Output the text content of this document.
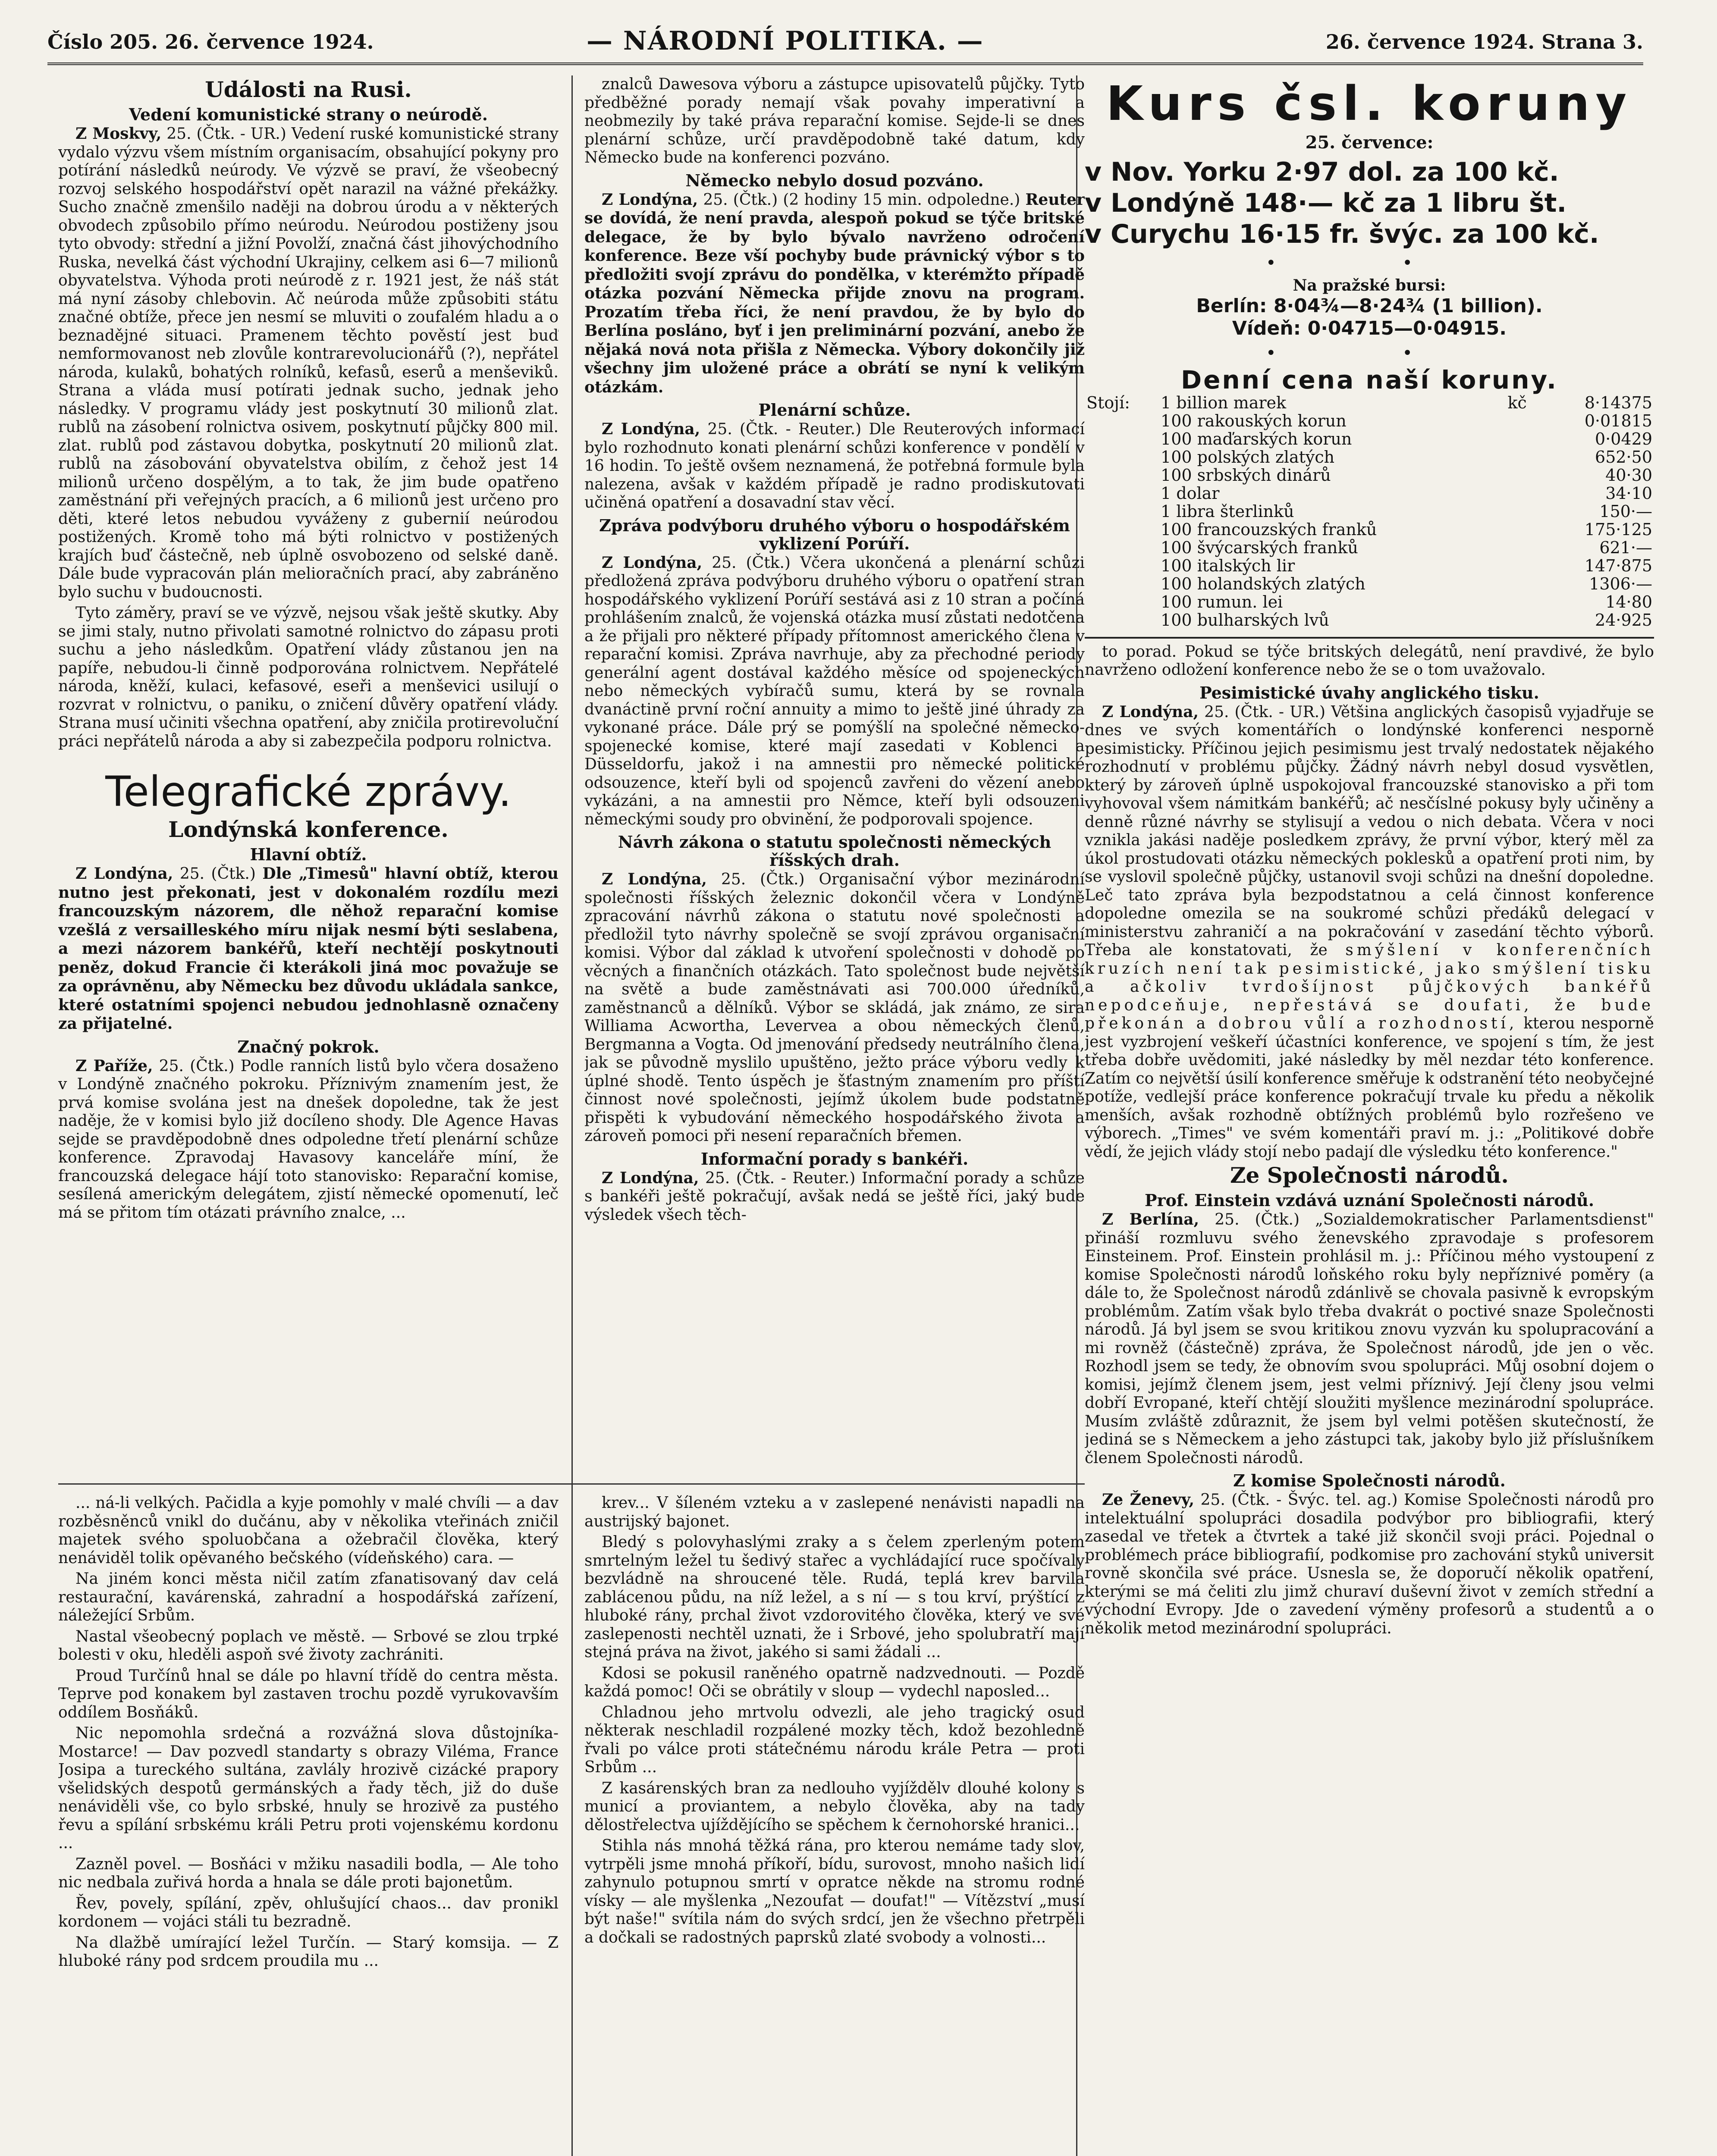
Číslo 205. 26. července 1924.	— NÁRODNÍ POLITIKA. —	26. července 1924. Strana 3.
Události na Rusi.
Vedení komunistické strany o neúrodě.

Z Moskvy, 25. (Čtk. - UR.) Vedení ruské komunistické strany vydalo výzvu všem místním organisacím, obsahující pokyny pro potírání následků neúrody. Ve výzvě se praví, že všeobecný rozvoj selského hospodářství opět narazil na vážné překážky. Sucho značně zmenšilo naději na dobrou úrodu a v některých obvodech způsobilo přímo neúrodu. Neúrodou postiženy jsou tyto obvody: střední a jižní Povolží, značná část jihovýchodního Ruska, nevelká část východní Ukrajiny, celkem asi 6—7 milionů obyvatelstva. Výhoda proti neúrodě z r. 1921 jest, že náš stát má nyní zásoby chlebovin. Ač neúroda může způsobiti státu značné obtíže, přece jen nesmí se mluviti o zoufalém hladu a o beznadějné situaci. Pramenem těchto pověstí jest buď nemformovanost neb zlovůle kontrarevolucionářů (?), nepřátel národa, kulaků, bohatých rolníků, kefasů, eserů a menševiků. Strana a vláda musí potírati jednak sucho, jednak jeho následky. V programu vlády jest poskytnutí 30 milionů zlat. rublů na zásobení rolnictva osivem, poskytnutí půjčky 800 mil. zlat. rublů pod zástavou dobytka, poskytnutí 20 milionů zlat. rublů na zásobování obyvatelstva obilím, z čehož jest 14 milionů určeno dospělým, a to tak, že jim bude opatřeno zaměstnání při veřejných pracích, a 6 milionů jest určeno pro děti, které letos nebudou vyváženy z gubernií neúrodou postižených. Kromě toho má býti rolnictvo v postižených krajích buď částečně, neb úplně osvobozeno od selské daně. Dále bude vypracován plán melioračních prací, aby zabráněno bylo suchu v budoucnosti.

Tyto záměry, praví se ve výzvě, nejsou však ještě skutky. Aby se jimi staly, nutno přivolati samotné rolnictvo do zápasu proti suchu a jeho následkům. Opatření vlády zůstanou jen na papíře, nebudou-li činně podporována rolnictvem. Nepřátelé národa, kněží, kulaci, kefasové, eseři a menševici usilují o rozvrat v rolnictvu, o paniku, o zničení důvěry opatření vlády. Strana musí učiniti všechna opatření, aby zničila protirevoluční práci nepřátelů národa a aby si zabezpečila podporu rolnictva.

Telegrafické zprávy.
Londýnská konference.
Hlavní obtíž.

Z Londýna, 25. (Čtk.) Dle „Timesů" hlavní obtíž, kterou nutno jest překonati, jest v dokonalém rozdílu mezi francouzským názorem, dle něhož reparační komise vzešlá z versailleského míru nijak nesmí býti seslabena, a mezi názorem bankéřů, kteří nechtějí poskytnouti peněz, dokud Francie či kterákoli jiná moc považuje se za oprávněnu, aby Německu bez důvodu ukládala sankce, které ostatními spojenci nebudou jednohlasně označeny za přijatelné.

Značný pokrok.

Z Paříže, 25. (Čtk.) Podle ranních listů bylo včera dosaženo v Londýně značného pokroku. Příznivým znamením jest, že prvá komise svolána jest na dnešek dopoledne, tak že jest naděje, že v komisi bylo již docíleno shody. Dle Agence Havas sejde se pravděpodobně dnes odpoledne třetí plenární schůze konference. Zpravodaj Havasovy kanceláře míní, že francouzská delegace hájí toto stanovisko: Reparační komise, sesílená americkým delegátem, zjistí německé opomenutí, leč má se přitom tím otázati právního znalce, ...

... ná-li velkých. Pačidla a kyje pomohly v malé chvíli — a dav rozběsněnců vnikl do dučánu, aby v několika vteřinách zničil majetek svého spoluobčana a ožebračil člověka, který nenáviděl tolik opěvaného bečského (vídeňského) cara. —

Na jiném konci města ničil zatím zfanatisovaný dav celá restaurační, kavárenská, zahradní a hospodářská zařízení, náležející Srbům.

Nastal všeobecný poplach ve městě. — Srbové se zlou trpké bolesti v oku, hleděli aspoň své životy zachrániti.

Proud Turčínů hnal se dále po hlavní třídě do centra města. Teprve pod konakem byl zastaven trochu pozdě vyrukovavším oddílem Bosňáků.

Nic nepomohla srdečná a rozvážná slova důstojníka-Mostarce! — Dav pozvedl standarty s obrazy Viléma, France Josipa a tureckého sultána, zavlály hrozivě cizácké prapory všelidských despotů germánských a řady těch, již do duše nenáviděli vše, co bylo srbské, hnuly se hrozivě za pustého řevu a spílání srbskému králi Petru proti vojenskému kordonu ...

Zazněl povel. — Bosňáci v mžiku nasadili bodla, — Ale toho nic nedbala zuřivá horda a hnala se dále proti bajonetům.

Řev, povely, spílání, zpěv, ohlušující chaos... dav pronikl kordonem — vojáci stáli tu bezradně.

Na dlažbě umírající ležel Turčín. — Starý komsija. — Z hluboké rány pod srdcem proudila mu ...

znalců Dawesova výboru a zástupce upisovatelů půjčky. Tyto předběžné porady nemají však povahy imperativní a neobmezily by také práva reparační komise. Sejde-li se dnes plenární schůze, určí pravděpodobně také datum, kdy Německo bude na konferenci pozváno.

Německo nebylo dosud pozváno.

Z Londýna, 25. (Čtk.) (2 hodiny 15 min. odpoledne.) Reuter se dovídá, že není pravda, alespoň pokud se týče britské delegace, že by bylo bývalo navrženo odročení konference. Beze vší pochyby bude právnický výbor s to předložiti svojí zprávu do pondělka, v kterémžto případě otázka pozvání Německa přijde znovu na program. Prozatím třeba říci, že není pravdou, že by bylo do Berlína posláno, byť i jen preliminární pozvání, anebo že nějaká nová nota přišla z Německa. Výbory dokončily již všechny jim uložené práce a obrátí se nyní k velikým otázkám.

Plenární schůze.

Z Londýna, 25. (Čtk. - Reuter.) Dle Reuterových informací bylo rozhodnuto konati plenární schůzi konference v pondělí v 16 hodin. To ještě ovšem neznamená, že potřebná formule byla nalezena, avšak v každém případě je radno prodiskutovati učiněná opatření a dosavadní stav věcí.

Zpráva podvýboru druhého výboru o hospodářském vyklizení Porúří.

Z Londýna, 25. (Čtk.) Včera ukončená a plenární schůzi předložená zpráva podvýboru druhého výboru o opatření stran hospodářského vyklizení Porúří sestává asi z 10 stran a počíná prohlášením znalců, že vojenská otázka musí zůstati nedotčena a že přijali pro některé případy přítomnost amerického člena v reparační komisi. Zpráva navrhuje, aby za přechodné periody generální agent dostával každého měsíce od spojeneckých nebo německých vybíračů sumu, která by se rovnala dvanáctině první roční annuity a mimo to ještě jiné úhrady za vykonané práce. Dále prý se pomýšlí na společné německo-spojenecké komise, které mají zasedati v Koblenci a Düsseldorfu, jakož i na amnestii pro německé politické odsouzence, kteří byli od spojenců zavřeni do vězení anebo vykázáni, a na amnestii pro Němce, kteří byli odsouzeni německými soudy pro obvinění, že podporovali spojence.

Návrh zákona o statutu společnosti německých říšských drah.

Z Londýna, 25. (Čtk.) Organisační výbor mezinárodní společnosti říšských železnic dokončil včera v Londýně zpracování návrhů zákona o statutu nové společnosti a předložil tyto návrhy společně se svojí zprávou organisační komisi. Výbor dal základ k utvoření společnosti v dohodě po věcných a finančních otázkách. Tato společnost bude největší na světě a bude zaměstnávati asi 700.000 úředníků, zaměstnanců a dělníků. Výbor se skládá, jak známo, ze sira Williama Acwortha, Levervea a obou německých členů, Bergmanna a Vogta. Od jmenování předsedy neutrálního člena, jak se původně myslilo upuštěno, ježto práce výboru vedly k úplné shodě. Tento úspěch je šťastným znamením pro příští činnost nové společnosti, jejímž úkolem bude podstatně přispěti k vybudování německého hospodářského života a zároveň pomoci při nesení reparačních břemen.

Informační porady s bankéři.

Z Londýna, 25. (Čtk. - Reuter.) Informační porady a schůze s bankéři ještě pokračují, avšak nedá se ještě říci, jaký bude výsledek všech těch-

krev... V šíleném vzteku a v zaslepené nenávisti napadli na austrijský bajonet.

Bledý s polovyhaslými zraky a s čelem zperleným potem smrtelným ležel tu šedivý stařec a vychládající ruce spočívaly bezvládně na shroucené těle. Rudá, teplá krev barvila zablácenou půdu, na níž ležel, a s ní — s tou krví, prýštící z hluboké rány, prchal život vzdorovitého člověka, který ve své zaslepenosti nechtěl uznati, že i Srbové, jeho spolubratří mají stejná práva na život, jakého si sami žádali ...

Kdosi se pokusil raněného opatrně nadzvednouti. — Pozdě každá pomoc! Oči se obrátily v sloup — vydechl naposled...

Chladnou jeho mrtvolu odvezli, ale jeho tragický osud některak neschladil rozpálené mozky těch, kdož bezohledně řvali po válce proti státečnému národu krále Petra — proti Srbům ...

Z kasárenských bran za nedlouho vyjíždělv dlouhé kolony s municí a proviantem, a nebylo člověka, aby na tady dělostřelectva ujíždějícího se spěchem k černohorské hranici...

Stihla nás mnohá těžká rána, pro kterou nemáme tady slov, vytrpěli jsme mnohá příkoří, bídu, surovost, mnoho našich lidí zahynulo potupnou smrtí v opratce někde na stromu rodné vísky — ale myšlenka „Nezoufat — doufat!" — Vítězství „musí být naše!" svítila nám do svých srdcí, jen že všechno přetrpěli a dočkali se radostných paprsků zlaté svobody a volnosti...

Kurs čsl. koruny
25. července:
v Nov. Yorku 2·97 dol. za 100 kč.
v Londýně 148·— kč za 1 libru št.
v Curychu 16·15 fr. švýc. za 100 kč.
• •
Na pražské bursi:
Berlín: 8·04¾—8·24¾ (1 billion).
Vídeň: 0·04715—0·04915.
• •
Denní cena naší koruny.
Stojí:	1 billion marek	kč	8·14375
	100 rakouských korun		0·01815
	100 maďarských korun		0·0429
	100 polských zlatých		652·50
	100 srbských dinárů		40·30
	1 dolar		34·10
	1 libra šterlinků		150·—
	100 francouzských franků		175·125
	100 švýcarských franků		621·—
	100 italských lir		147·875
	100 holandských zlatých		1306·—
	100 rumun. lei		14·80
	100 bulharských lvů		24·925

to porad. Pokud se týče britských delegátů, není pravdivé, že bylo navrženo odložení konference nebo že se o tom uvažovalo.

Pesimistické úvahy anglického tisku.

Z Londýna, 25. (Čtk. - UR.) Většina anglických časopisů vyjadřuje se dnes ve svých komentářích o londýnské konferenci nesporně pesimisticky. Příčinou jejich pesimismu jest trvalý nedostatek nějakého rozhodnutí v problému půjčky. Žádný návrh nebyl dosud vysvětlen, který by zároveň úplně uspokojoval francouzské stanovisko a při tom vyhovoval všem námitkám bankéřů; ač nesčíslné pokusy byly učiněny a denně různé návrhy se stylisují a vedou o nich debata. Včera v noci vznikla jakási naděje posledkem zprávy, že první výbor, který měl za úkol prostudovati otázku německých poklesků a opatření proti nim, by se vyslovil společně půjčky, ustanovil svoji schůzi na dnešní dopoledne. Leč tato zpráva byla bezpodstatnou a celá činnost konference dopoledne omezila se na soukromé schůzi předáků delegací v ministerstvu zahraničí a na pokračování v zasedání těchto výborů. Třeba ale konstatovati, že smýšlení v konferenčních kruzích není tak pesimistické, jako smýšlení tisku a ačkoliv tvrdošíjnost půjčkových bankéřů nepodceňuje, nepřestává se doufati, že bude překonán a dobrou vůlí a rozhodností, kterou nesporně jest vyzbrojení veškeří účastníci konference, ve spojení s tím, že jest třeba dobře uvědomiti, jaké následky by měl nezdar této konference. Zatím co největší úsilí konference směřuje k odstranění této neobyčejné potíže, vedlejší práce konference pokračují trvale ku předu a několik menších, avšak rozhodně obtížných problémů bylo rozřešeno ve výborech. „Times" ve svém komentáři praví m. j.: „Politikové dobře vědí, že jejich vlády stojí nebo padají dle výsledku této konference."

Ze Společnosti národů.
Prof. Einstein vzdává uznání Společnosti národů.

Z Berlína, 25. (Čtk.) „Sozialdemokratischer Parlamentsdienst" přináší rozmluvu svého ženevského zpravodaje s profesorem Einsteinem. Prof. Einstein prohlásil m. j.: Příčinou mého vystoupení z komise Společnosti národů loňského roku byly nepříznivé poměry (a dále to, že Společnost národů zdánlivě se chovala pasivně k evropským problémům. Zatím však bylo třeba dvakrát o poctivé snaze Společnosti národů. Já byl jsem se svou kritikou znovu vyzván ku spolupracování a mi rovněž (částečně) zpráva, že Společnost národů, jde jen o věc. Rozhodl jsem se tedy, že obnovím svou spolupráci. Můj osobní dojem o komisi, jejímž členem jsem, jest velmi příznivý. Její členy jsou velmi dobří Evropané, kteří chtějí sloužiti myšlence mezinárodní spolupráce. Musím zvláště zdůraznit, že jsem byl velmi potěšen skutečností, že jediná se s Německem a jeho zástupci tak, jakoby bylo již příslušníkem členem Společnosti národů.

Z komise Společnosti národů.

Ze Ženevy, 25. (Čtk. - Švýc. tel. ag.) Komise Společnosti národů pro intelektuální spolupráci dosadila podvýbor pro bibliografii, který zasedal ve třetek a čtvrtek a také již skončil svoji práci. Pojednal o problémech práce bibliografií, podkomise pro zachování styků universit rovně skončila své práce. Usnesla se, že doporučí několik opatření, kterými se má čeliti zlu jimž churaví duševní život v zemích střední a východní Evropy. Jde o zavedení výměny profesorů a studentů a o několik metod mezinárodní spolupráci.
